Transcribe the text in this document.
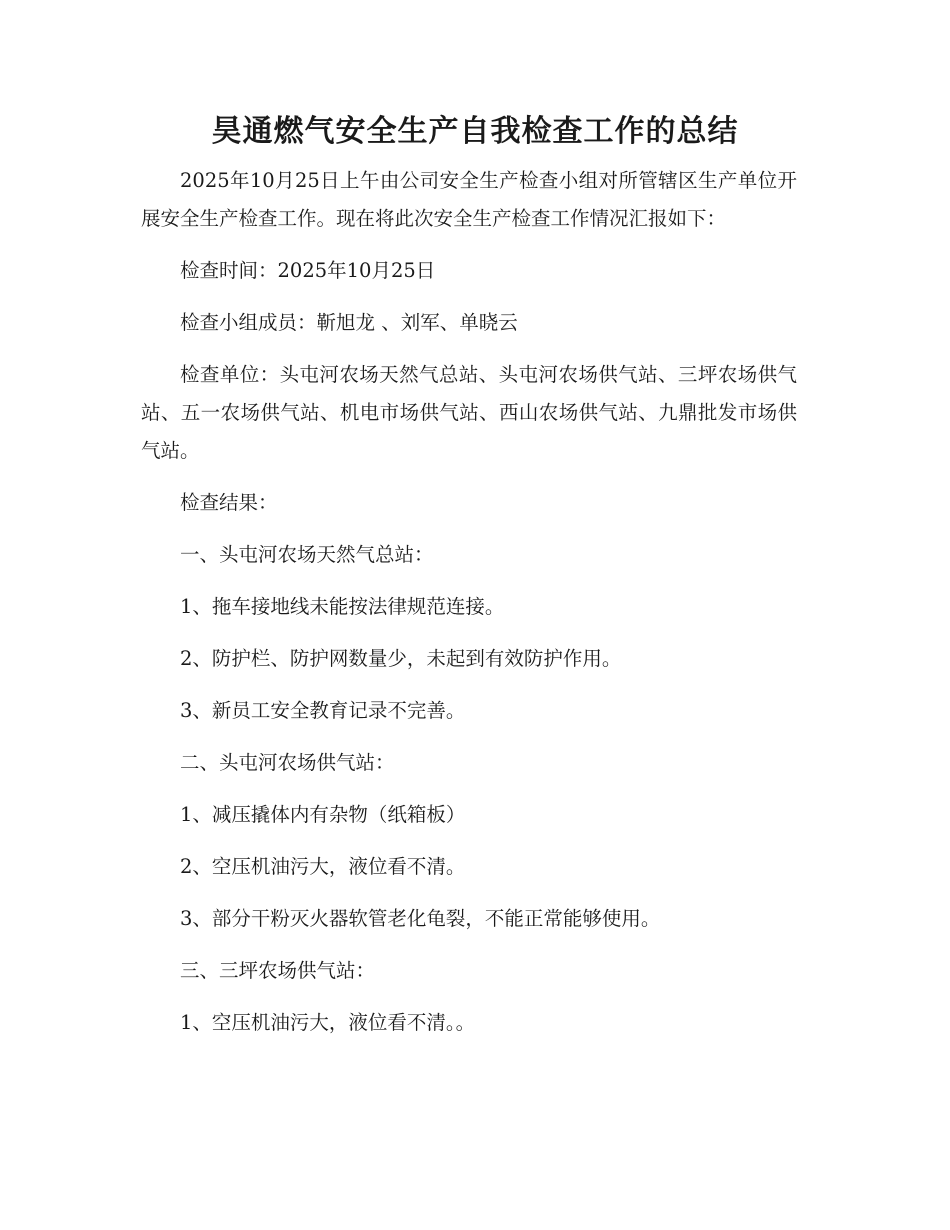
昊通燃气安全生产自我检查工作的总结

2025年10月25日上午由公司安全生产检查小组对所管辖区生产单位开展安全生产检查工作。现在将此次安全生产检查工作情况汇报如下：

检查时间：2025年10月25日

检查小组成员：靳旭龙 、刘军、单晓云

检查单位：头屯河农场天然气总站、头屯河农场供气站、三坪农场供气站、五一农场供气站、机电市场供气站、西山农场供气站、九鼎批发市场供气站。

检查结果：

一、头屯河农场天然气总站：

1、拖车接地线未能按法律规范连接。

2、防护栏、防护网数量少，未起到有效防护作用。

3、新员工安全教育记录不完善。

二、头屯河农场供气站：

1、减压撬体内有杂物（纸箱板）

2、空压机油污大，液位看不清。

3、部分干粉灭火器软管老化龟裂，不能正常能够使用。

三、三坪农场供气站：

1、空压机油污大，液位看不清。。
